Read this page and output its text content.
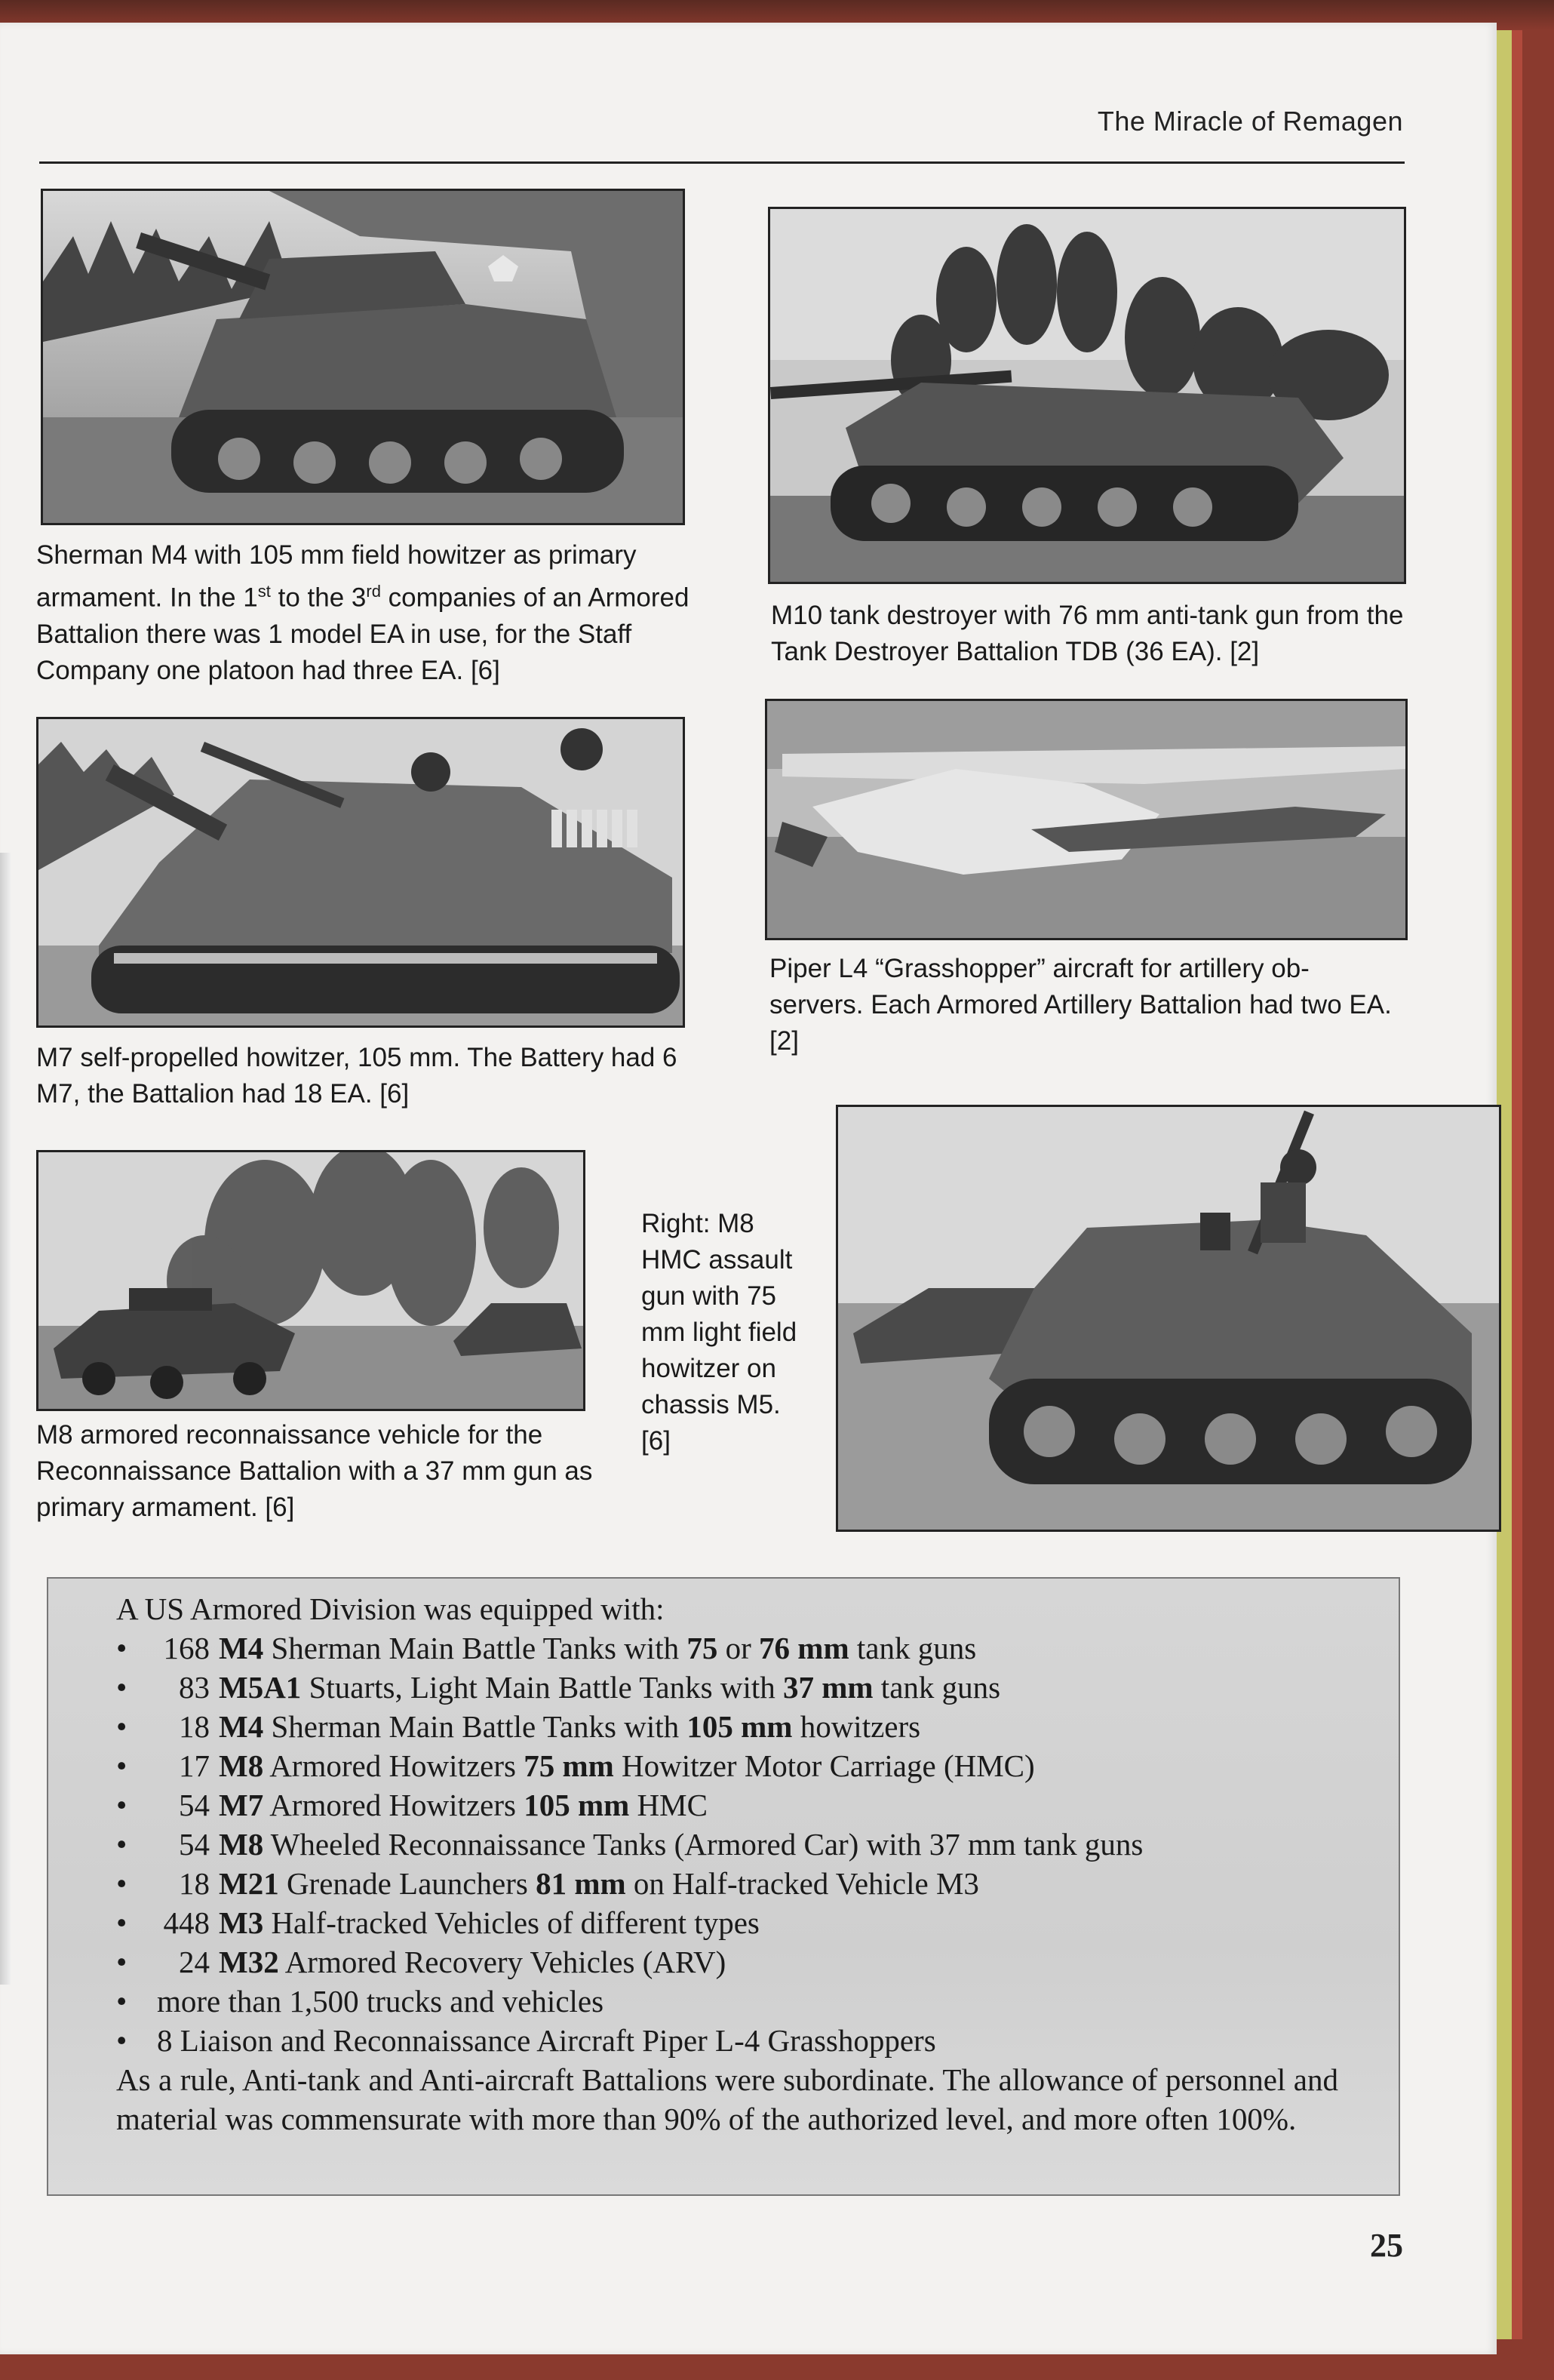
The Miracle of Remagen
Sherman M4 with 105 mm field howitzer as primary armament. In the 1st to the 3rd companies of an Armored Battalion there was 1 model EA in use, for the Staff Company one platoon had three EA. [6]
M10 tank destroyer with 76 mm anti-tank gun from the Tank Destroyer Battalion TDB (36 EA). [2]
M7 self-propelled howitzer, 105 mm. The Battery had 6 M7, the Battalion had 18 EA. [6]
Piper L4 “Grasshopper” aircraft for artillery ob-servers. Each Armored Artillery Battalion had two EA. [2]
M8 armored reconnaissance vehicle for the Reconnaissance Battalion with a 37 mm gun as primary armament. [6]
Right: M8 HMC assault gun with 75 mm light field howitzer on chassis M5. [6]
A US Armored Division was equipped with:
• 168 M4 Sherman Main Battle Tanks with 75 or 76 mm tank guns
• 83 M5A1 Stuarts, Light Main Battle Tanks with 37 mm tank guns
• 18 M4 Sherman Main Battle Tanks with 105 mm howitzers
• 17 M8 Armored Howitzers 75 mm Howitzer Motor Carriage (HMC)
• 54 M7 Armored Howitzers 105 mm HMC
• 54 M8 Wheeled Reconnaissance Tanks (Armored Car) with 37 mm tank guns
• 18 M21 Grenade Launchers 81 mm on Half-tracked Vehicle M3
• 448 M3 Half-tracked Vehicles of different types
• 24 M32 Armored Recovery Vehicles (ARV)
• more than 1,500 trucks and vehicles
• 8 Liaison and Reconnaissance Aircraft Piper L-4 Grasshoppers
As a rule, Anti-tank and Anti-aircraft Battalions were subordinate. The allowance of personnel and material was commensurate with more than 90% of the authorized level, and more often 100%.
25
